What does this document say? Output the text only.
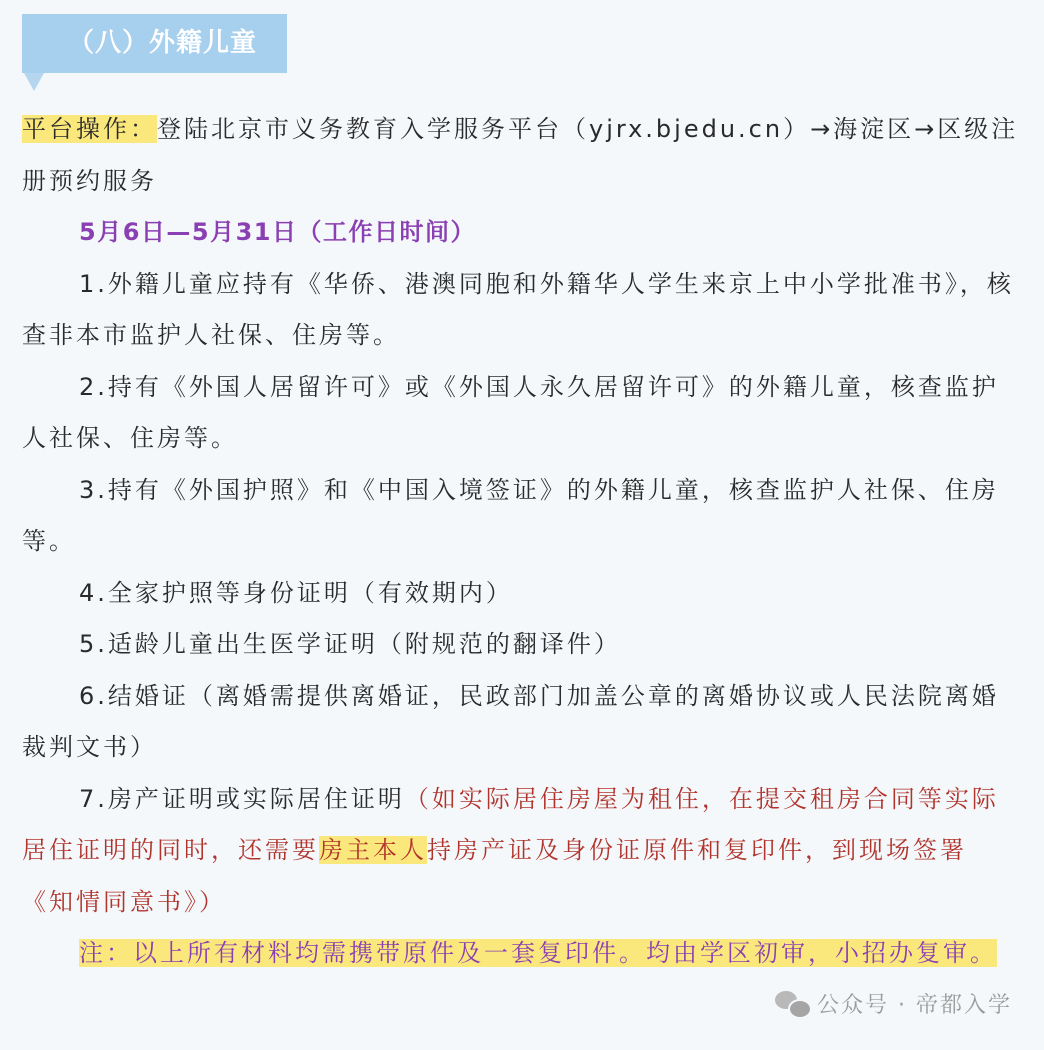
（八）外籍儿童

平台操作：登陆北京市义务教育入学服务平台（yjrx.bjedu.cn）→海淀区→区级注册预约服务

5月6日—5月31日（工作日时间）

1.外籍儿童应持有《华侨、港澳同胞和外籍华人学生来京上中小学批准书》，核查非本市监护人社保、住房等。

2.持有《外国人居留许可》或《外国人永久居留许可》的外籍儿童，核查监护人社保、住房等。

3.持有《外国护照》和《中国入境签证》的外籍儿童，核查监护人社保、住房等。

4.全家护照等身份证明（有效期内）

5.适龄儿童出生医学证明（附规范的翻译件）

6.结婚证（离婚需提供离婚证，民政部门加盖公章的离婚协议或人民法院离婚裁判文书）

7.房产证明或实际居住证明（如实际居住房屋为租住，在提交租房合同等实际居住证明的同时，还需要房主本人持房产证及身份证原件和复印件，到现场签署《知情同意书》）

注：以上所有材料均需携带原件及一套复印件。均由学区初审，小招办复审。

公众号 · 帝都入学
